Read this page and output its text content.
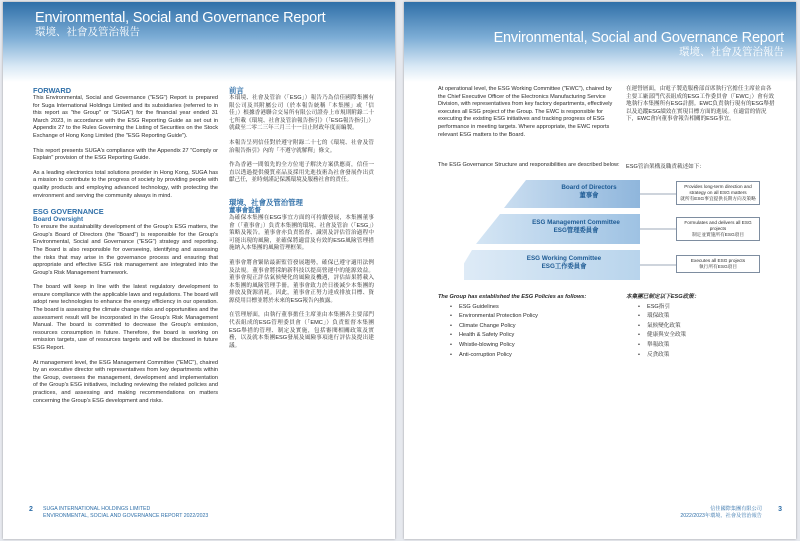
Environmental, Social and Governance Report
環境、社會及管治報告
FORWARD
This Environmental, Social and Governance ("ESG") Report is prepared for Suga International Holdings Limited and its subsidiaries (referred to in this report as "the Group" or "SUGA") for the financial year ended 31 March 2023, in accordance with the ESG Reporting Guide as set out in Appendix 27 to the Rules Governing the Listing of Securities on the Stock Exchange of Hong Kong Limited (the "ESG Reporting Guide").
This report presents SUGA's compliance with the Appendix 27 "Comply or Explain" provision of the ESG Reporting Guide.
As a leading electronics total solutions provider in Hong Kong, SUGA has a mission to contribute to the progress of society by providing people with quality products and employing advanced technology, with protecting the environment and serving the community always in mind.
ESG GOVERNANCE
Board Oversight
To ensure the sustainability development of the Group's ESG matters, the Group's Board of Directors (the "Board") is responsible for the Group's Environmental, Social and Governance ("ESG") strategy and reporting. The Board is also responsible for overseeing, identifying and assessing the risks that may arise in the governance process and ensuring that appropriate and effective ESG risk management are integrated into the Group's Risk Management framework.
The board will keep in line with the latest regulatory development to ensure compliance with the applicable laws and regulations. The board will adopt new technologies to enhance the energy efficiency in our operation. The board is assessing the climate change risks and opportunities and the assessment result will be incorporated in the Group's Risk Management Manual. The board is committed to decrease the Group's emission, resources consumption in future. Therefore, the board is working on emission targets, use of resources targets and will be disclosed in future ESG Report.
At management level, the ESG Management Committee ("EMC"), chaired by an executive director with representatives from key departments within the Group, oversees the management, development and implementation of the Group's ESG initiatives, including reviewing the related policies and practices, and assessing and making recommendations on matters concerning the Group's ESG development and risks.
前言
本環境、社會及管治（「ESG」）報告乃為信佳國際集團有限公司及其附屬公司（於本報告統稱「本集團」或「信佳」）根據香港聯合交易所有限公司證券上市規則附錄二十七所載《環境、社會及管治報告指引》（「ESG報告指引」）就截至二零二三年三月三十一日止財政年度而編製。
本報告呈列信佳對於遵守附錄二十七的《環境、社會及管治報告指引》內的「不遵守就解釋」條文。
作為香港一間領先的全方位電子解決方案供應商，信佳一直以透過提供優質產品及採用先進技術為社會發展作出貢獻己任，並時刻謹記保護環境及服務社會的責任。
環境、社會及管治管理
董事會監督
為確保本集團在ESG事宜方面的可持續發展，本集團董事會（「董事會」）負責本集團的環境、社會及管治（「ESG」）策略及報告。董事會亦負責監督、識別及評估管治過程中可能出現的風險，並確保將適當及有效的ESG風險管理措施納入本集團的風險管理框架。
董事會將會緊貼最新監管發展趨勢，確保已遵守適用法例及法規。董事會將採納新科技以提高營運中的能源效益。董事會現正評估氣候變化的風險及機遇，評估結果將載入本集團的風險管理手冊。董事會致力於日後減少本集團的排放及資源消耗。因此，董事會正努力達成排放目標、資源使用目標並將於未來的ESG報告內披露。
在管理層面，由執行董事擔任主席並由本集團各主要部門代表組成的ESG管理委員會（「EMC」）負責監督本集團ESG舉措的管理、制定及實施，包括審閱相關政策及實務，以及就本集團ESG發展及風險事項進行評估及提出建議。
2 SUGA INTERNATIONAL HOLDINGS LIMITED
ENVIRONMENTAL, SOCIAL AND GOVERNANCE REPORT 2022/2023
Environmental, Social and Governance Report
環境、社會及管治報告
At operational level, the ESG Working Committee ("EWC"), chaired by the Chief Executive Officer of the Electronics Manufacturing Service Division, with representatives from key factory departments, effectively executes all ESG project of the Group. The EWC is responsible for executing the existing ESG initiatives and tracking progress of ESG performance in meeting targets. Where appropriate, the EWC reports relevant ESG matters to the Board.
在運營層面，由電子製造服務部首席執行官擔任主席並由各主要工廠部門代表組成的ESG工作委員會（「EWC」）會有效地執行本集團所有ESG計劃。EWC負責執行現有的ESG舉措以及追蹤ESG績效在實現目標方面的進展。在適當的情況下，EWC會向董事會報告相關的ESG事宜。
The ESG Governance Structure and responsibilities are described below: ESG管治架構及職責載述如下：
Board of Directors
董事會
ESG Management Committee
ESG管理委員會
ESG Working Committee
ESG工作委員會
Provides long-term direction and strategy on all ESG matters
就所有ESG事宜提供長期方向及策略
Formulates and delivers all ESG projects
制定並實施所有ESG項目
Executes all ESG projects
執行所有ESG項目
The Group has established the ESG Policies as follows:
• ESG Guidelines
• Environmental Protection Policy
• Climate Change Policy
• Health & Safety Policy
• Whistle-blowing Policy
• Anti-corruption Policy
本集團已制定以下ESG政策：
• ESG指引
• 環保政策
• 氣候變化政策
• 健康與安全政策
• 舉報政策
• 反貪政策
3
信佳國際集團有限公司
2022/2023年環境、社會及管治報告
